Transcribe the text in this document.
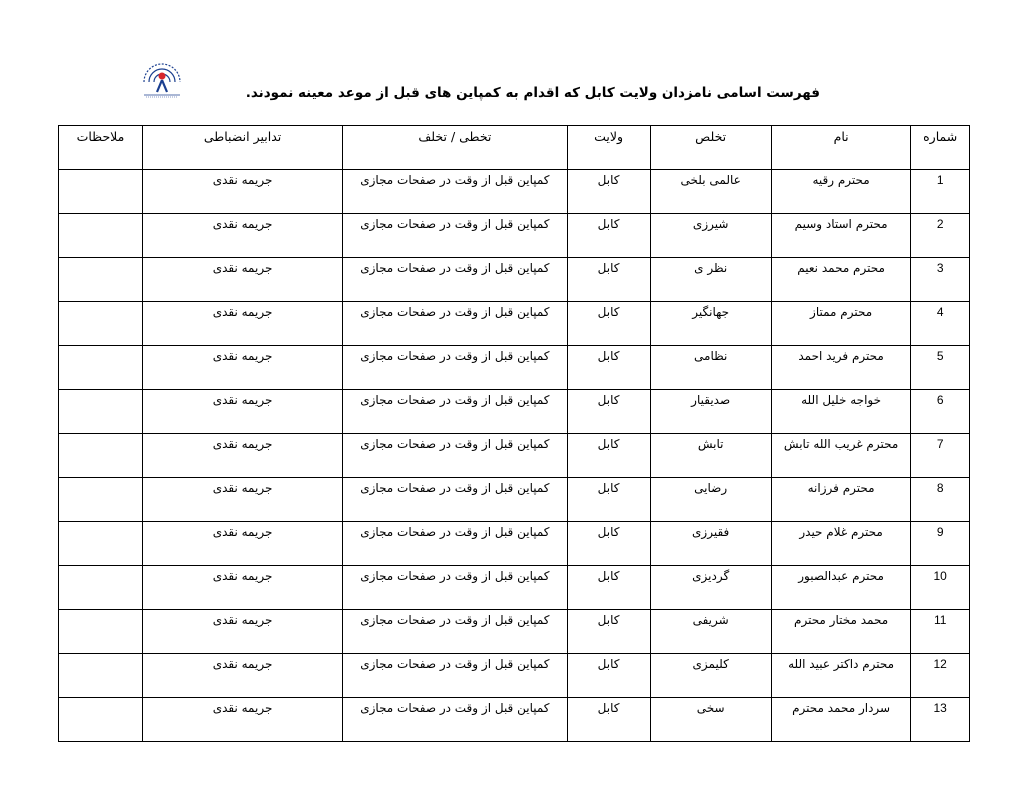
فهرست اسامی نامزدان ولایت کابل که اقدام به کمپاین های قبل از موعد معینه نمودند.
شماره	نام	تخلص	ولایت	تخطی / تخلف	تدابیر انضباطی	ملاحظات
1	محترم رقیه	عالمی بلخی	کابل	کمپاین قبل از وقت در صفحات مجازی	جریمه نقدی	
2	محترم استاد وسیم	شیرزی	کابل	کمپاین قبل از وقت در صفحات مجازی	جریمه نقدی	
3	محترم محمد نعیم	نظر ی	کابل	کمپاین قبل از وقت در صفحات مجازی	جریمه نقدی	
4	محترم ممتاز	جهانگیر	کابل	کمپاین قبل از وقت در صفحات مجازی	جریمه نقدی	
5	محترم فرید احمد	نظامی	کابل	کمپاین قبل از وقت در صفحات مجازی	جریمه نقدی	
6	خواجه خلیل الله	صدیقیار	کابل	کمپاین قبل از وقت در صفحات مجازی	جریمه نقدی	
7	محترم غریب الله تابش	تابش	کابل	کمپاین قبل از وقت در صفحات مجازی	جریمه نقدی	
8	محترم فرزانه	رضایی	کابل	کمپاین قبل از وقت در صفحات مجازی	جریمه نقدی	
9	محترم غلام حیدر	فقیرزی	کابل	کمپاین قبل از وقت در صفحات مجازی	جریمه نقدی	
10	محترم عبدالصبور	گردیزی	کابل	کمپاین قبل از وقت در صفحات مجازی	جریمه نقدی	
11	محمد مختار محترم	شریفی	کابل	کمپاین قبل از وقت در صفحات مجازی	جریمه نقدی	
12	محترم داکتر عبید الله	کلیمزی	کابل	کمپاین قبل از وقت در صفحات مجازی	جریمه نقدی	
13	سردار محمد محترم	سخی	کابل	کمپاین قبل از وقت در صفحات مجازی	جریمه نقدی	
